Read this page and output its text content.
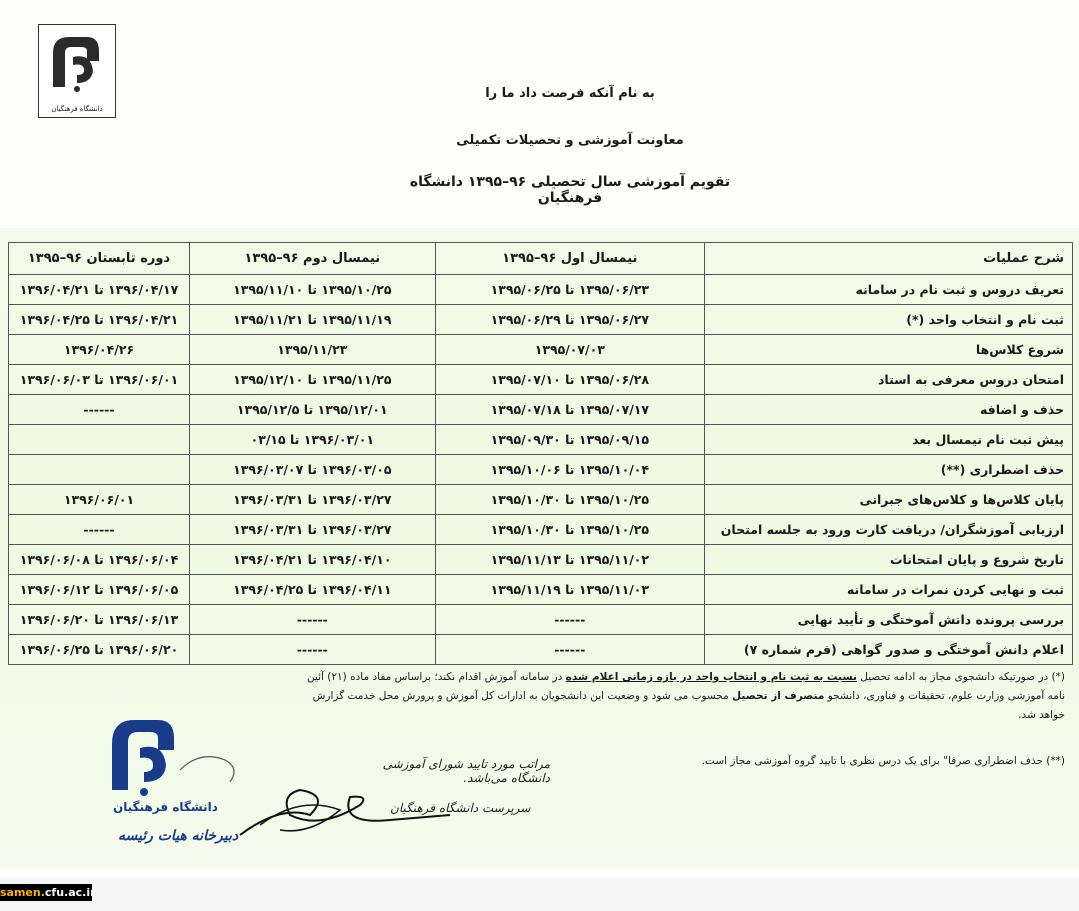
دانشگاه فرهنگیان
به نام آنکه فرصت داد ما را
معاونت آموزشی و تحصیلات تکمیلی
تقویم آموزشی سال تحصیلی ۹۶–۱۳۹۵ دانشگاه فرهنگیان
شرح عملیات	نیمسال اول ۹۶–۱۳۹۵	نیمسال دوم ۹۶–۱۳۹۵	دوره تابستان ۹۶–۱۳۹۵
تعریف دروس و ثبت نام در سامانه	۱۳۹۵/۰۶/۲۳ تا ۱۳۹۵/۰۶/۲۵	۱۳۹۵/۱۰/۲۵ تا ۱۳۹۵/۱۱/۱۰	۱۳۹۶/۰۴/۱۷ تا ۱۳۹۶/۰۴/۲۱
ثبت نام و انتخاب واحد (*)	۱۳۹۵/۰۶/۲۷ تا ۱۳۹۵/۰۶/۲۹	۱۳۹۵/۱۱/۱۹ تا ۱۳۹۵/۱۱/۲۱	۱۳۹۶/۰۴/۲۱ تا ۱۳۹۶/۰۴/۲۵
شروع کلاس‌ها	۱۳۹۵/۰۷/۰۳	۱۳۹۵/۱۱/۲۳	۱۳۹۶/۰۴/۲۶
امتحان دروس معرفی به استاد	۱۳۹۵/۰۶/۲۸ تا ۱۳۹۵/۰۷/۱۰	۱۳۹۵/۱۱/۲۵ تا ۱۳۹۵/۱۲/۱۰	۱۳۹۶/۰۶/۰۱ تا ۱۳۹۶/۰۶/۰۳
حذف و اضافه	۱۳۹۵/۰۷/۱۷ تا ۱۳۹۵/۰۷/۱۸	۱۳۹۵/۱۲/۰۱ تا ۱۳۹۵/۱۲/۵	------
پیش ثبت نام نیمسال بعد	۱۳۹۵/۰۹/۱۵ تا ۱۳۹۵/۰۹/۳۰	۱۳۹۶/۰۳/۰۱ تا ۰۳/۱۵	
حذف اضطراری (**)	۱۳۹۵/۱۰/۰۴ تا ۱۳۹۵/۱۰/۰۶	۱۳۹۶/۰۳/۰۵ تا ۱۳۹۶/۰۳/۰۷	
پایان کلاس‌ها و کلاس‌های جبرانی	۱۳۹۵/۱۰/۲۵ تا ۱۳۹۵/۱۰/۳۰	۱۳۹۶/۰۳/۲۷ تا ۱۳۹۶/۰۳/۳۱	۱۳۹۶/۰۶/۰۱
ارزیابی آموزشگران/ دریافت کارت ورود به جلسه امتحان	۱۳۹۵/۱۰/۲۵ تا ۱۳۹۵/۱۰/۳۰	۱۳۹۶/۰۳/۲۷ تا ۱۳۹۶/۰۳/۳۱	------
تاریخ شروع و پایان امتحانات	۱۳۹۵/۱۱/۰۲ تا ۱۳۹۵/۱۱/۱۳	۱۳۹۶/۰۴/۱۰ تا ۱۳۹۶/۰۴/۲۱	۱۳۹۶/۰۶/۰۴ تا ۱۳۹۶/۰۶/۰۸
ثبت و نهایی کردن نمرات در سامانه	۱۳۹۵/۱۱/۰۳ تا ۱۳۹۵/۱۱/۱۹	۱۳۹۶/۰۴/۱۱ تا ۱۳۹۶/۰۴/۲۵	۱۳۹۶/۰۶/۰۵ تا ۱۳۹۶/۰۶/۱۲
بررسی پرونده دانش آموختگی و تأیید نهایی	------	------	۱۳۹۶/۰۶/۱۳ تا ۱۳۹۶/۰۶/۲۰
اعلام دانش آموختگی و صدور گواهی (فرم شماره ۷)	------	------	۱۳۹۶/۰۶/۲۰ تا ۱۳۹۶/۰۶/۲۵
(*) در صورتیکه دانشجوی مجاز به ادامه تحصیل نسبت به ثبت نام و انتخاب واحد در بازه زمانی اعلام شده در سامانه آموزش اقدام نکند؛ براساس مفاد ماده (۲۱) آئین
نامه آموزشی وزارت علوم، تحقیقات و فناوری، دانشجو منصرف از تحصیل محسوب می شود و وضعیت این دانشجویان به ادارات کل آموزش و پرورش محل خدمت گزارش خواهد شد.
(**) حذف اضطراری صرفا" برای یک درس نظری با تایید گروه آموزشی مجاز است.
مراتب مورد تایید شورای آموزشی دانشگاه می‌باشد.
سرپرست دانشگاه فرهنگیان
دانشگاه فرهنگیان
دبیرخانه هیات رئیسه
samen.cfu.ac.ir
